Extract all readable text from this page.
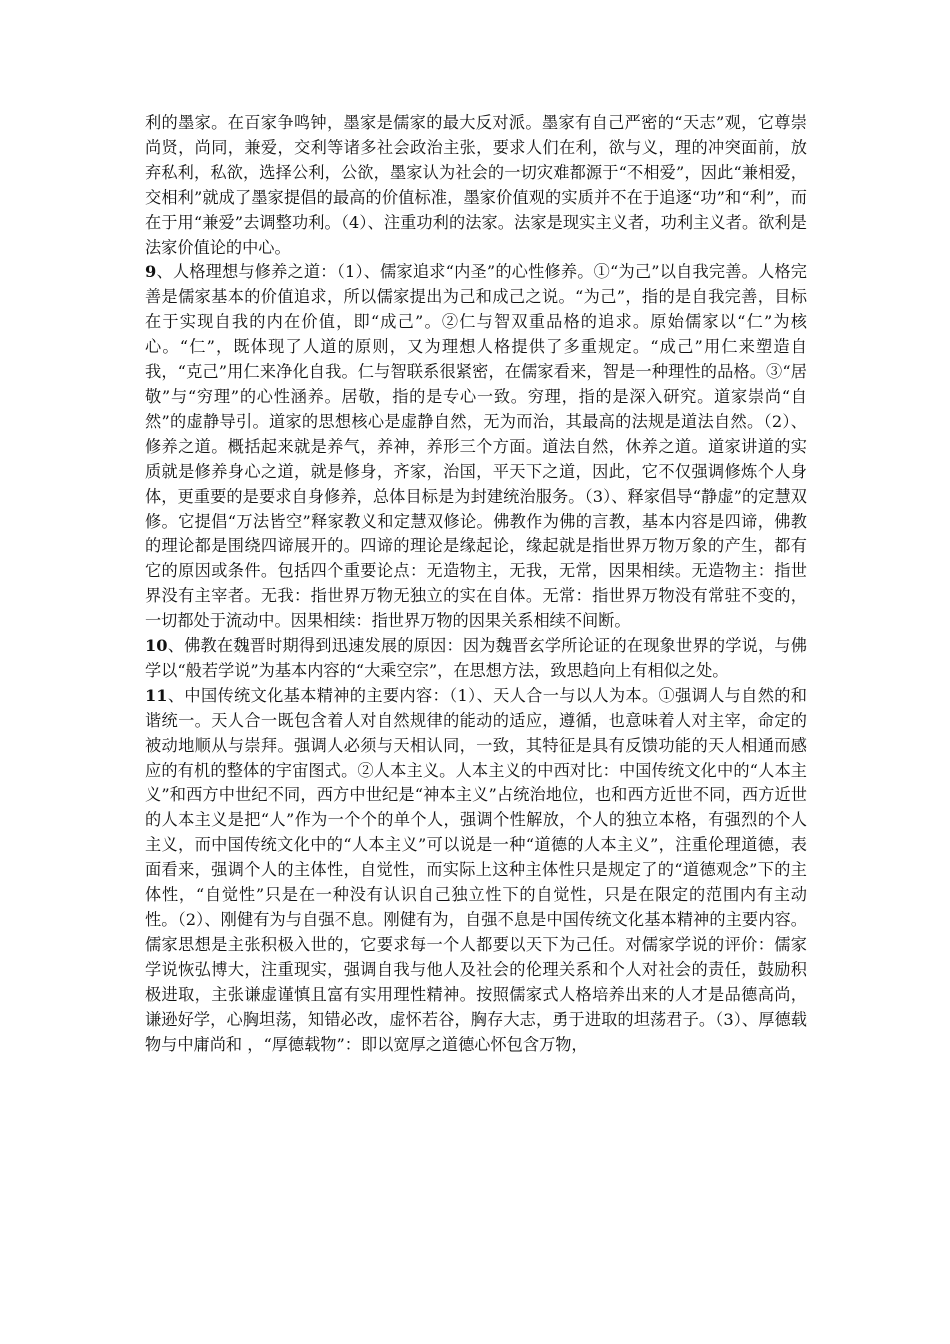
利的墨家。在百家争鸣钟，墨家是儒家的最大反对派。墨家有自己严密的“天志”观，它尊崇尚贤，尚同，兼爱，交利等诸多社会政治主张，要求人们在利，欲与义，理的冲突面前，放弃私利，私欲，选择公利，公欲，墨家认为社会的一切灾难都源于“不相爱”，因此“兼相爱，交相利”就成了墨家提倡的最高的价值标准，墨家价值观的实质并不在于追逐“功”和“利”，而在于用“兼爱”去调整功利。（4）、注重功利的法家。法家是现实主义者，功利主义者。欲利是法家价值论的中心。

9、人格理想与修养之道：（1）、儒家追求“内圣”的心性修养。①“为己”以自我完善。人格完善是儒家基本的价值追求，所以儒家提出为己和成己之说。“为己”，指的是自我完善，目标在于实现自我的内在价值，即“成己”。②仁与智双重品格的追求。原始儒家以“仁”为核心。“仁”，既体现了人道的原则，又为理想人格提供了多重规定。“成己”用仁来塑造自我，“克己”用仁来净化自我。仁与智联系很紧密，在儒家看来，智是一种理性的品格。③“居敬”与“穷理”的心性涵养。居敬，指的是专心一致。穷理，指的是深入研究。道家崇尚“自然”的虚静导引。道家的思想核心是虚静自然，无为而治，其最高的法规是道法自然。（2）、修养之道。概括起来就是养气，养神，养形三个方面。道法自然，休养之道。道家讲道的实质就是修养身心之道，就是修身，齐家，治国，平天下之道，因此，它不仅强调修炼个人身体，更重要的是要求自身修养，总体目标是为封建统治服务。（3）、释家倡导“静虚”的定慧双修。它提倡“万法皆空”释家教义和定慧双修论。佛教作为佛的言教，基本内容是四谛，佛教的理论都是围绕四谛展开的。四谛的理论是缘起论，缘起就是指世界万物万象的产生，都有它的原因或条件。包括四个重要论点：无造物主，无我，无常，因果相续。无造物主：指世界没有主宰者。无我：指世界万物无独立的实在自体。无常：指世界万物没有常驻不变的，一切都处于流动中。因果相续：指世界万物的因果关系相续不间断。

10、佛教在魏晋时期得到迅速发展的原因：因为魏晋玄学所论证的在现象世界的学说，与佛学以“般若学说”为基本内容的“大乘空宗”，在思想方法，致思趋向上有相似之处。

11、中国传统文化基本精神的主要内容：（1）、天人合一与以人为本。①强调人与自然的和谐统一。天人合一既包含着人对自然规律的能动的适应，遵循，也意味着人对主宰，命定的被动地顺从与崇拜。强调人必须与天相认同，一致，其特征是具有反馈功能的天人相通而感应的有机的整体的宇宙图式。②人本主义。人本主义的中西对比：中国传统文化中的“人本主义”和西方中世纪不同，西方中世纪是“神本主义”占统治地位，也和西方近世不同，西方近世的人本主义是把“人”作为一个个的单个人，强调个性解放，个人的独立本格，有强烈的个人主义，而中国传统文化中的“人本主义”可以说是一种“道德的人本主义”，注重伦理道德，表面看来，强调个人的主体性，自觉性，而实际上这种主体性只是规定了的“道德观念”下的主体性，“自觉性”只是在一种没有认识自己独立性下的自觉性，只是在限定的范围内有主动性。（2）、刚健有为与自强不息。刚健有为，自强不息是中国传统文化基本精神的主要内容。儒家思想是主张积极入世的，它要求每一个人都要以天下为己任。对儒家学说的评价：儒家学说恢弘博大，注重现实，强调自我与他人及社会的伦理关系和个人对社会的责任，鼓励积极进取，主张谦虚谨慎且富有实用理性精神。按照儒家式人格培养出来的人才是品德高尚，谦逊好学，心胸坦荡，知错必改，虚怀若谷，胸存大志，勇于进取的坦荡君子。（3）、厚德载物与中庸尚和 ，“厚德载物”：即以宽厚之道德心怀包含万物，
